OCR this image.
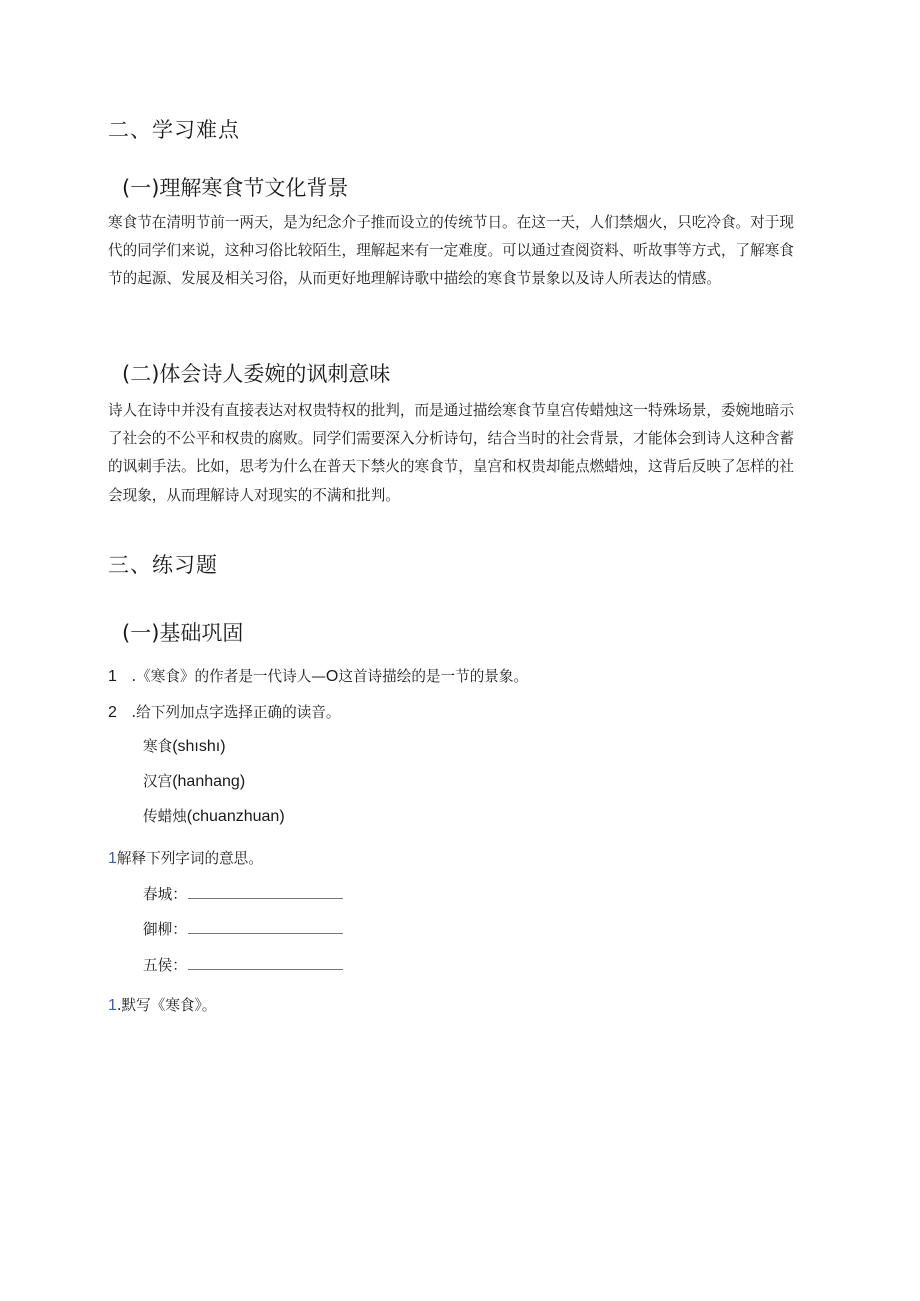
二、学习难点
(一)理解寒食节文化背景

寒食节在清明节前一两天，是为纪念介子推而设立的传统节日。在这一天，人们禁烟火，只吃冷食。对于现代的同学们来说，这种习俗比较陌生，理解起来有一定难度。可以通过查阅资料、听故事等方式，了解寒食节的起源、发展及相关习俗，从而更好地理解诗歌中描绘的寒食节景象以及诗人所表达的情感。

(二)体会诗人委婉的讽刺意味

诗人在诗中并没有直接表达对权贵特权的批判，而是通过描绘寒食节皇宫传蜡烛这一特殊场景，委婉地暗示了社会的不公平和权贵的腐败。同学们需要深入分析诗句，结合当时的社会背景，才能体会到诗人这种含蓄的讽刺手法。比如，思考为什么在普天下禁火的寒食节，皇宫和权贵却能点燃蜡烛，这背后反映了怎样的社会现象，从而理解诗人对现实的不满和批判。

三、练习题
(一)基础巩固
1 .《寒食》的作者是一代诗人—O这首诗描绘的是一节的景象。
2 .给下列加点字选择正确的读音。
寒食(shıshı)
汉宫(hanhang)
传蜡烛(chuanzhuan)
1解释下列字词的意思。
春城：
御柳：
五侯：
1.默写《寒食》。
